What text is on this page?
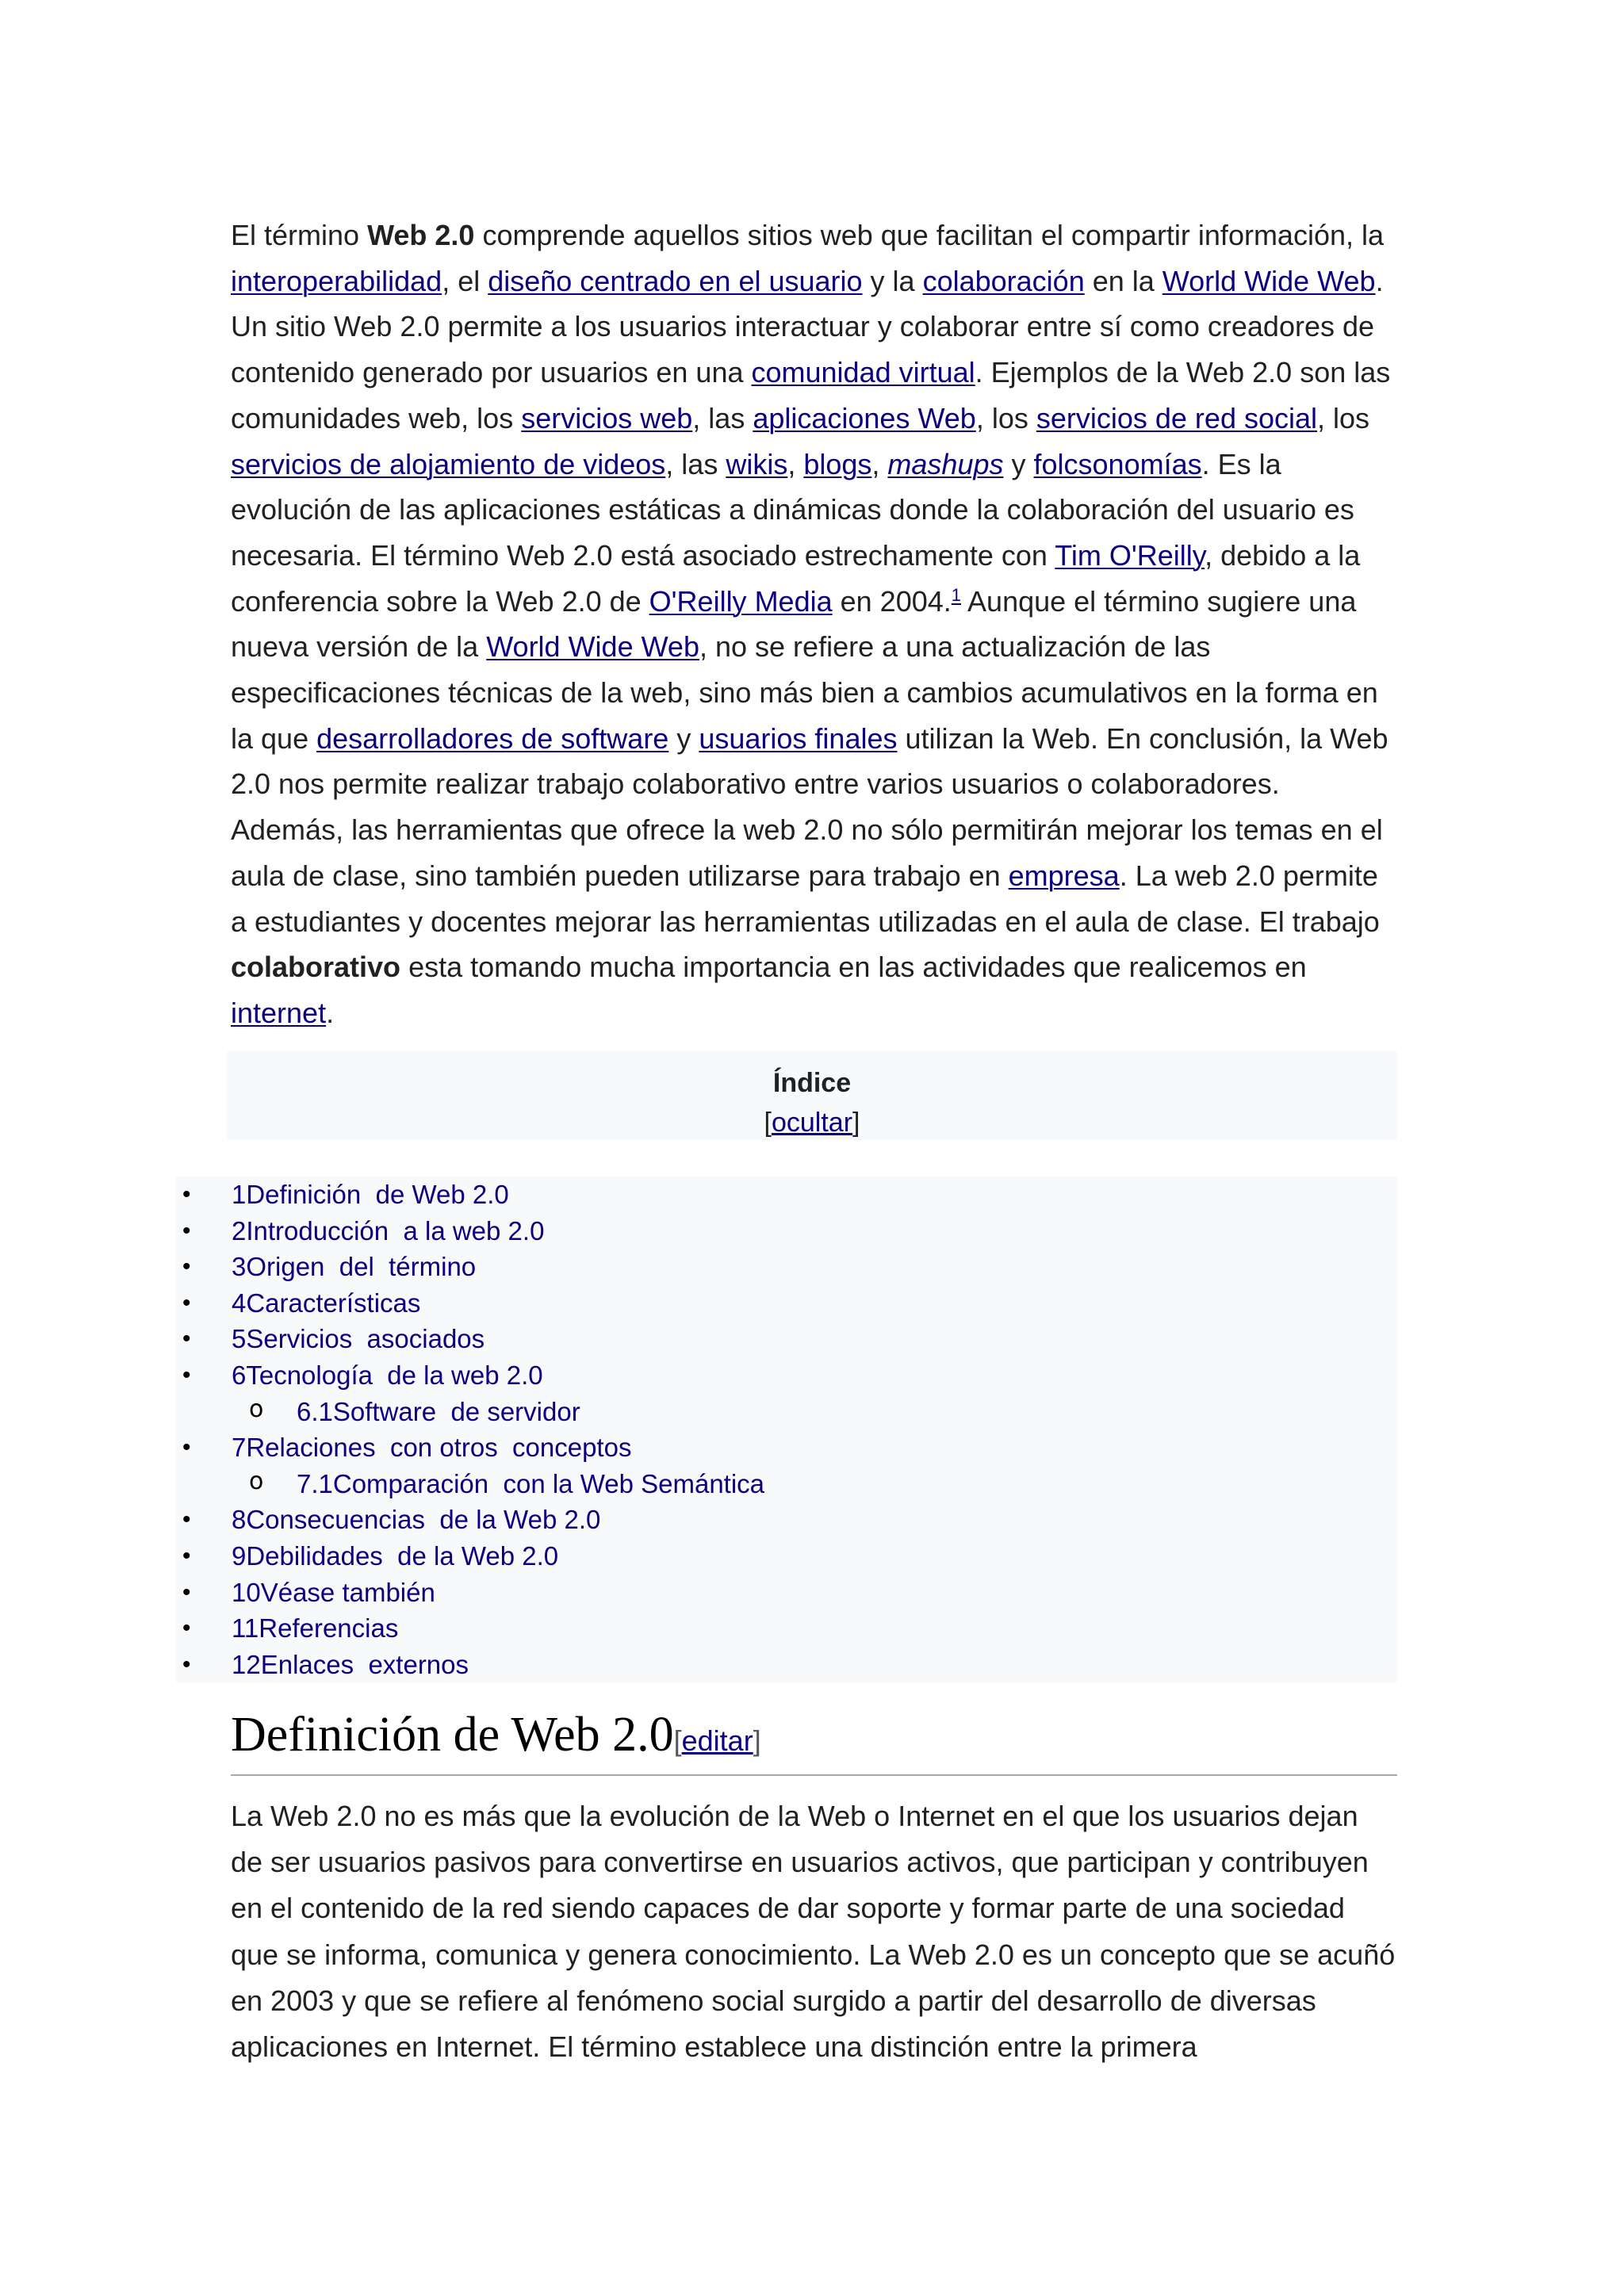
El término Web 2.0 comprende aquellos sitios web que facilitan el compartir información, la interoperabilidad, el diseño centrado en el usuario y la colaboración en la World Wide Web. Un sitio Web 2.0 permite a los usuarios interactuar y colaborar entre sí como creadores de contenido generado por usuarios en una comunidad virtual. Ejemplos de la Web 2.0 son las comunidades web, los servicios web, las aplicaciones Web, los servicios de red social, los servicios de alojamiento de videos, las wikis, blogs, mashups y folcsonomías. Es la evolución de las aplicaciones estáticas a dinámicas donde la colaboración del usuario es necesaria. El término Web 2.0 está asociado estrechamente con Tim O'Reilly, debido a la conferencia sobre la Web 2.0 de O'Reilly Media en 2004.$^1$ Aunque el término sugiere una nueva versión de la World Wide Web, no se refiere a una actualización de las especificaciones técnicas de la web, sino más bien a cambios acumulativos en la forma en la que desarrolladores de software y usuarios finales utilizan la Web. En conclusión, la Web 2.0 nos permite realizar trabajo colaborativo entre varios usuarios o colaboradores. Además, las herramientas que ofrece la web 2.0 no sólo permitirán mejorar los temas en el aula de clase, sino también pueden utilizarse para trabajo en empresa. La web 2.0 permite a estudiantes y docentes mejorar las herramientas utilizadas en el aula de clase. El trabajo colaborativo esta tomando mucha importancia en las actividades que realicemos en internet.

Índice
[ocultar]
• 1Definición  de Web 2.0
• 2Introducción  a la web 2.0
• 3Origen  del  término
• 4Características
• 5Servicios  asociados
• 6Tecnología  de la web 2.0
o 6.1Software  de servidor
• 7Relaciones  con otros  conceptos
o 7.1Comparación  con la Web Semántica
• 8Consecuencias  de la Web 2.0
• 9Debilidades  de la Web 2.0
• 10Véase también
• 11Referencias
• 12Enlaces  externos
Definición de Web 2.0[editar]

La Web 2.0 no es más que la evolución de la Web o Internet en el que los usuarios dejan de ser usuarios pasivos para convertirse en usuarios activos, que participan y contribuyen en el contenido de la red siendo capaces de dar soporte y formar parte de una sociedad que se informa, comunica y genera conocimiento. La Web 2.0 es un concepto que se acuñó en 2003 y que se refiere al fenómeno social surgido a partir del desarrollo de diversas aplicaciones en Internet. El término establece una distinción entre la primera
